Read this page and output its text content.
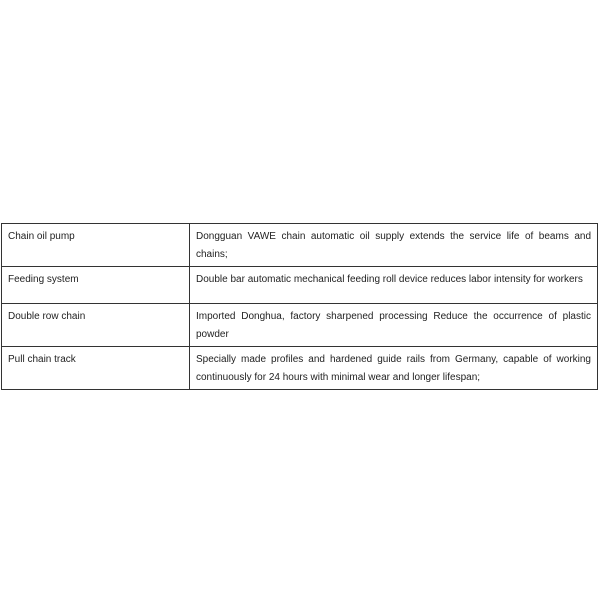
Chain oil pump	Dongguan VAWE chain automatic oil supply extends the service life of beams and chains;
Feeding system	Double bar automatic mechanical feeding roll device reduces labor intensity for workers
Double row chain	Imported Donghua, factory sharpened processing Reduce the occurrence of plastic powder
Pull chain track	Specially made profiles and hardened guide rails from Germany, capable of working continuously for 24 hours with minimal wear and longer lifespan;
